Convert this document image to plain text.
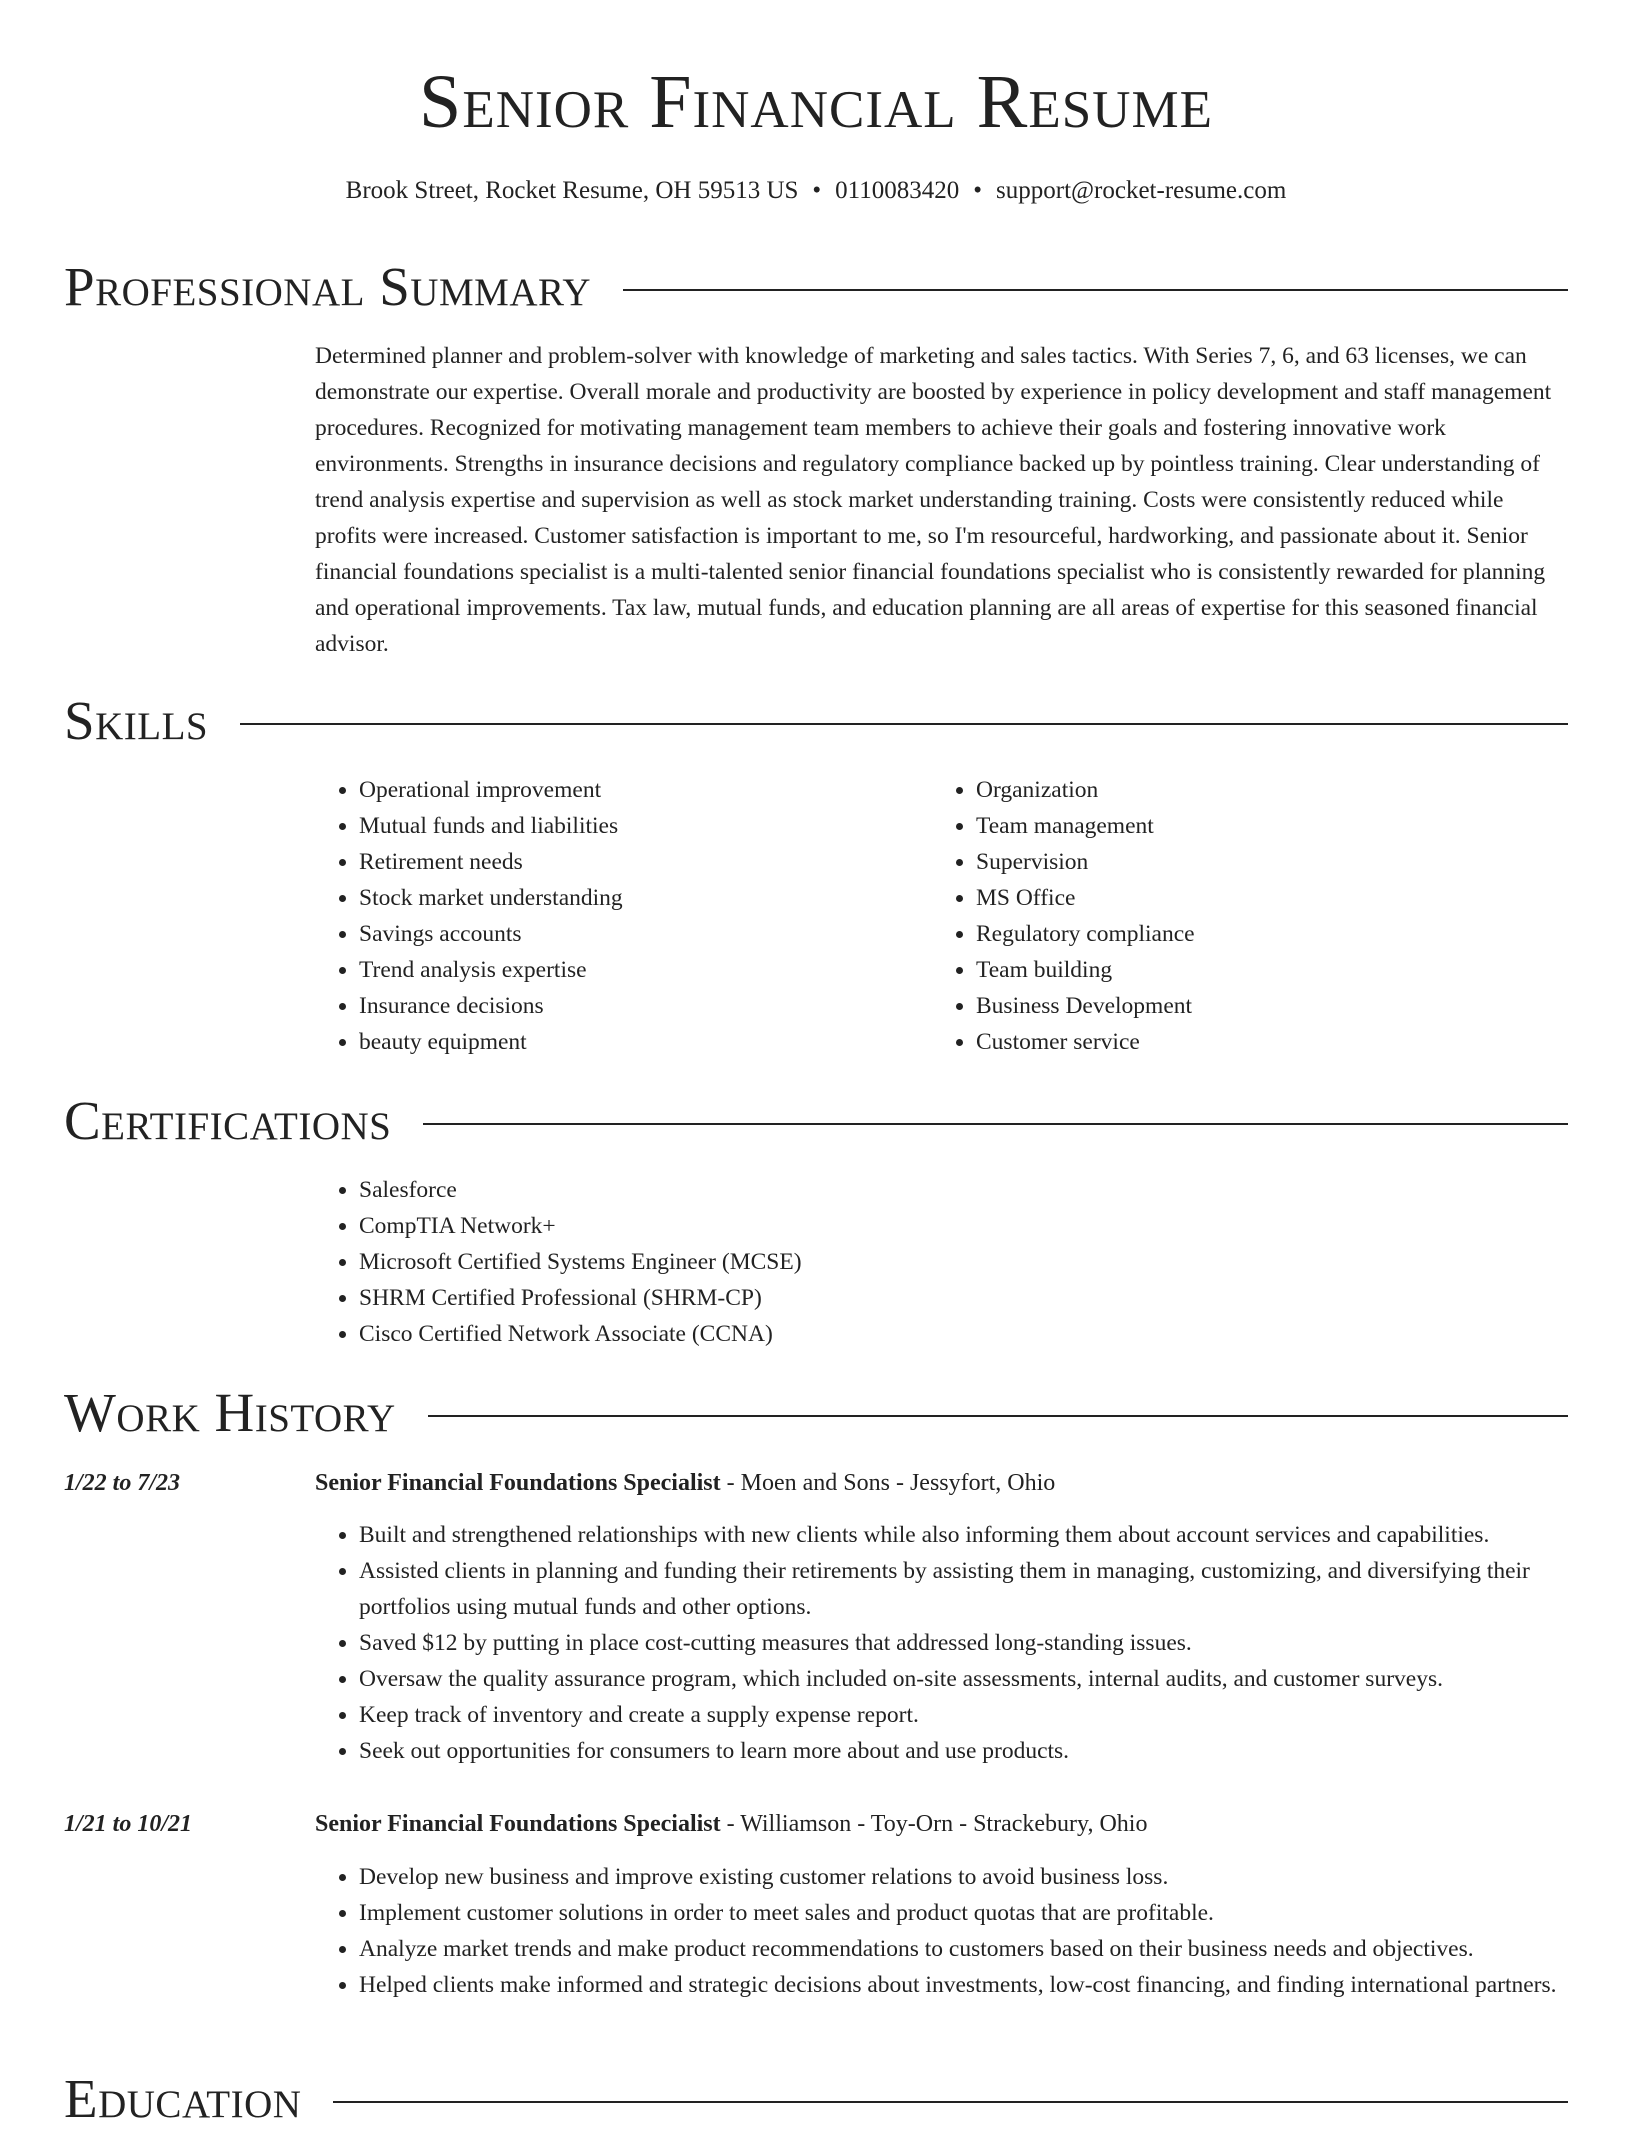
Senior Financial Resume
Brook Street, Rocket Resume, OH 59513 US • 0110083420 • support@rocket-resume.com
Professional Summary

Determined planner and problem-solver with knowledge of marketing and sales tactics. With Series 7, 6, and 63 licenses, we can demonstrate our expertise. Overall morale and productivity are boosted by experience in policy development and staff management procedures. Recognized for motivating management team members to achieve their goals and fostering innovative work environments. Strengths in insurance decisions and regulatory compliance backed up by pointless training. Clear understanding of trend analysis expertise and supervision as well as stock market understanding training. Costs were consistently reduced while profits were increased. Customer satisfaction is important to me, so I'm resourceful, hardworking, and passionate about it. Senior financial foundations specialist is a multi-talented senior financial foundations specialist who is consistently rewarded for planning and operational improvements. Tax law, mutual funds, and education planning are all areas of expertise for this seasoned financial advisor.

Skills
• Operational improvement
• Mutual funds and liabilities
• Retirement needs
• Stock market understanding
• Savings accounts
• Trend analysis expertise
• Insurance decisions
• beauty equipment
• Organization
• Team management
• Supervision
• MS Office
• Regulatory compliance
• Team building
• Business Development
• Customer service
Certifications
• Salesforce
• CompTIA Network+
• Microsoft Certified Systems Engineer (MCSE)
• SHRM Certified Professional (SHRM-CP)
• Cisco Certified Network Associate (CCNA)
Work History
1/22 to 7/23	Senior Financial Foundations Specialist - Moen and Sons - Jessyfort, Ohio
• Built and strengthened relationships with new clients while also informing them about account services and capabilities.
• Assisted clients in planning and funding their retirements by assisting them in managing, customizing, and diversifying their portfolios using mutual funds and other options.
• Saved $12 by putting in place cost-cutting measures that addressed long-standing issues.
• Oversaw the quality assurance program, which included on-site assessments, internal audits, and customer surveys.
• Keep track of inventory and create a supply expense report.
• Seek out opportunities for consumers to learn more about and use products.
1/21 to 10/21	Senior Financial Foundations Specialist - Williamson - Toy-Orn - Strackebury, Ohio
• Develop new business and improve existing customer relations to avoid business loss.
• Implement customer solutions in order to meet sales and product quotas that are profitable.
• Analyze market trends and make product recommendations to customers based on their business needs and objectives.
• Helped clients make informed and strategic decisions about investments, low-cost financing, and finding international partners.
Education
